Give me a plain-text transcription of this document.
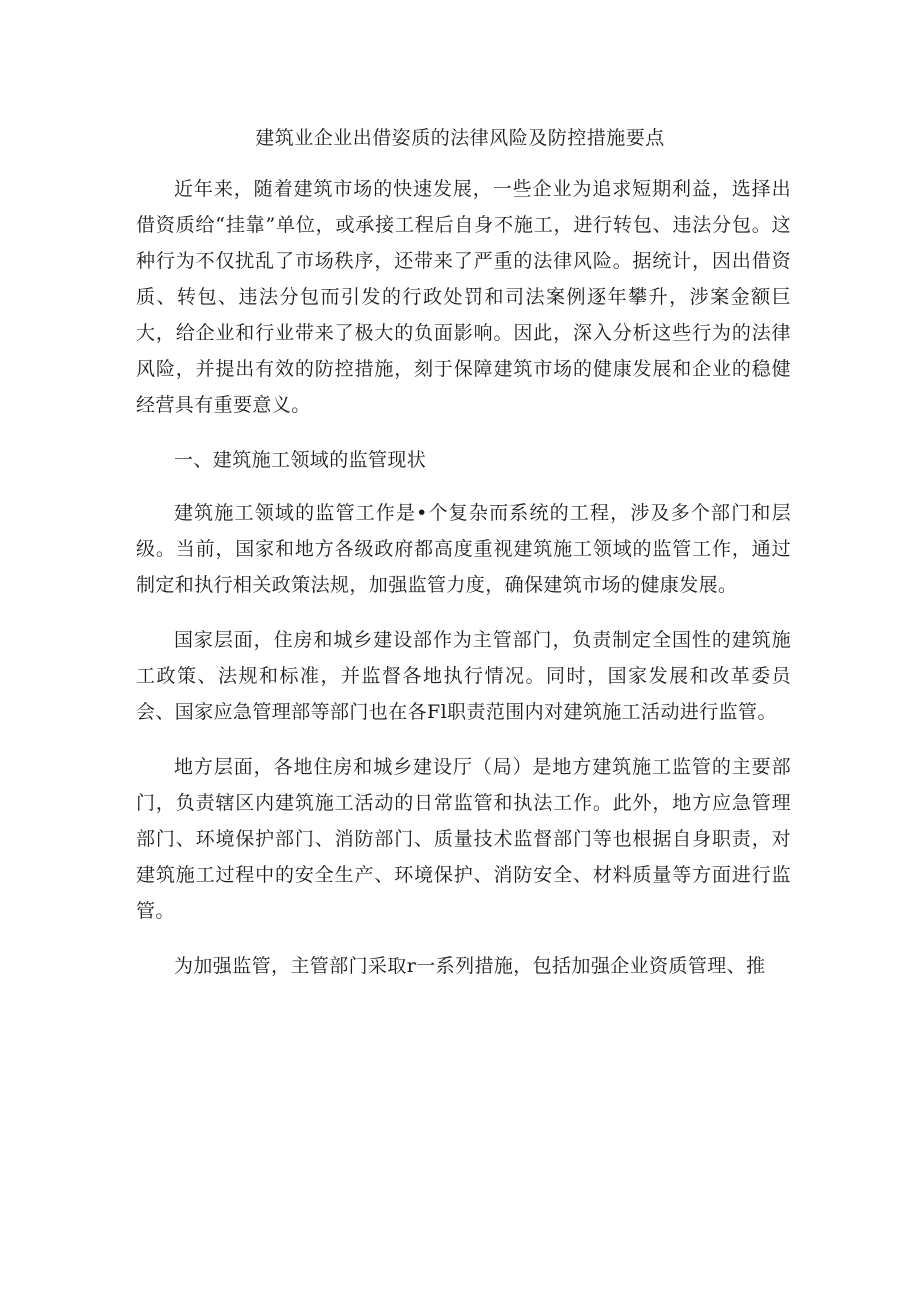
建筑业企业出借姿质的法律风险及防控措施要点

近年来，随着建筑市场的快速发展，一些企业为追求短期利益，选择出借资质给“挂靠”单位，或承接工程后自身不施工，进行转包、违法分包。这种行为不仅扰乱了市场秩序，还带来了严重的法律风险。据统计，因出借资质、转包、违法分包而引发的行政处罚和司法案例逐年攀升，涉案金额巨大，给企业和行业带来了极大的负面影响。因此，深入分析这些行为的法律风险，并提出有效的防控措施，刻于保障建筑市场的健康发展和企业的稳健经营具有重要意义。

一、建筑施工领域的监管现状

建筑施工领域的监管工作是•个复杂而系统的工程，涉及多个部门和层级。当前，国家和地方各级政府都高度重视建筑施工领域的监管工作，通过制定和执行相关政策法规，加强监管力度，确保建筑市场的健康发展。

国家层面，住房和城乡建设部作为主管部门，负责制定全国性的建筑施工政策、法规和标准，并监督各地执行情况。同时，国家发展和改革委员会、国家应急管理部等部门也在各Fl职责范围内对建筑施工活动进行监管。

地方层面，各地住房和城乡建设厅（局）是地方建筑施工监管的主要部门，负责辖区内建筑施工活动的日常监管和执法工作。此外，地方应急管理部门、环境保护部门、消防部门、质量技术监督部门等也根据自身职责，对建筑施工过程中的安全生产、环境保护、消防安全、材料质量等方面进行监管。

为加强监管，主管部门采取r一系列措施，包括加强企业资质管理、推
